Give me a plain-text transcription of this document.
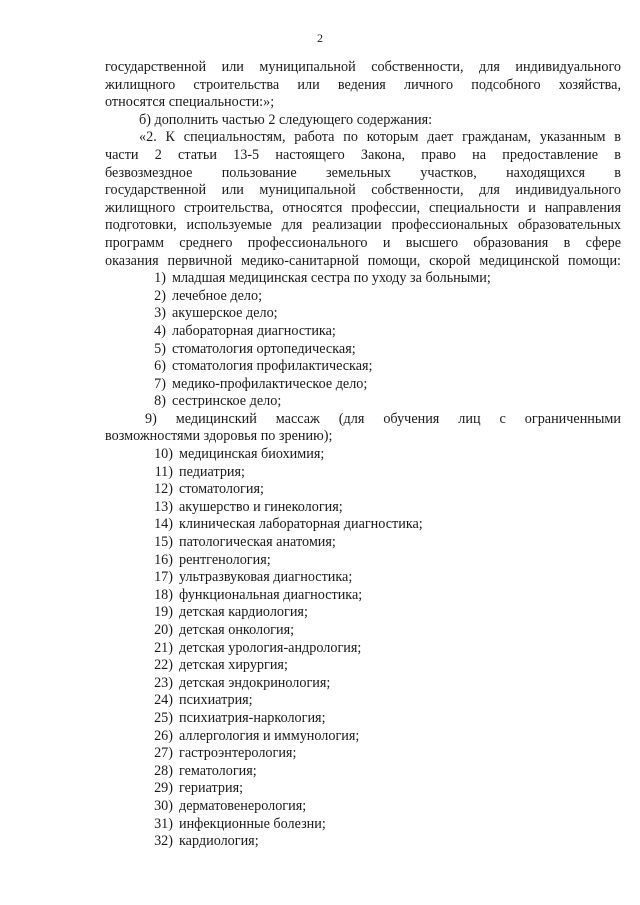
2
государственной или муниципальной собственности, для индивидуального
жилищного строительства или ведения личного подсобного хозяйства,
относятся специальности:»;
б) дополнить частью 2 следующего содержания:
«2. К специальностям, работа по которым дает гражданам, указанным в
части 2 статьи 13-5 настоящего Закона, право на предоставление в
безвозмездное пользование земельных участков, находящихся в
государственной или муниципальной собственности, для индивидуального
жилищного строительства, относятся профессии, специальности и направления
подготовки, используемые для реализации профессиональных образовательных
программ среднего профессионального и высшего образования в сфере
оказания первичной медико-санитарной помощи, скорой медицинской помощи:
1) младшая медицинская сестра по уходу за больными;
2) лечебное дело;
3) акушерское дело;
4) лабораторная диагностика;
5) стоматология ортопедическая;
6) стоматология профилактическая;
7) медико-профилактическое дело;
8) сестринское дело;
9) медицинский массаж (для обучения лиц с ограниченными
возможностями здоровья по зрению);
10) медицинская биохимия;
11) педиатрия;
12) стоматология;
13) акушерство и гинекология;
14) клиническая лабораторная диагностика;
15) патологическая анатомия;
16) рентгенология;
17) ультразвуковая диагностика;
18) функциональная диагностика;
19) детская кардиология;
20) детская онкология;
21) детская урология-андрология;
22) детская хирургия;
23) детская эндокринология;
24) психиатрия;
25) психиатрия-наркология;
26) аллергология и иммунология;
27) гастроэнтерология;
28) гематология;
29) гериатрия;
30) дерматовенерология;
31) инфекционные болезни;
32) кардиология;
